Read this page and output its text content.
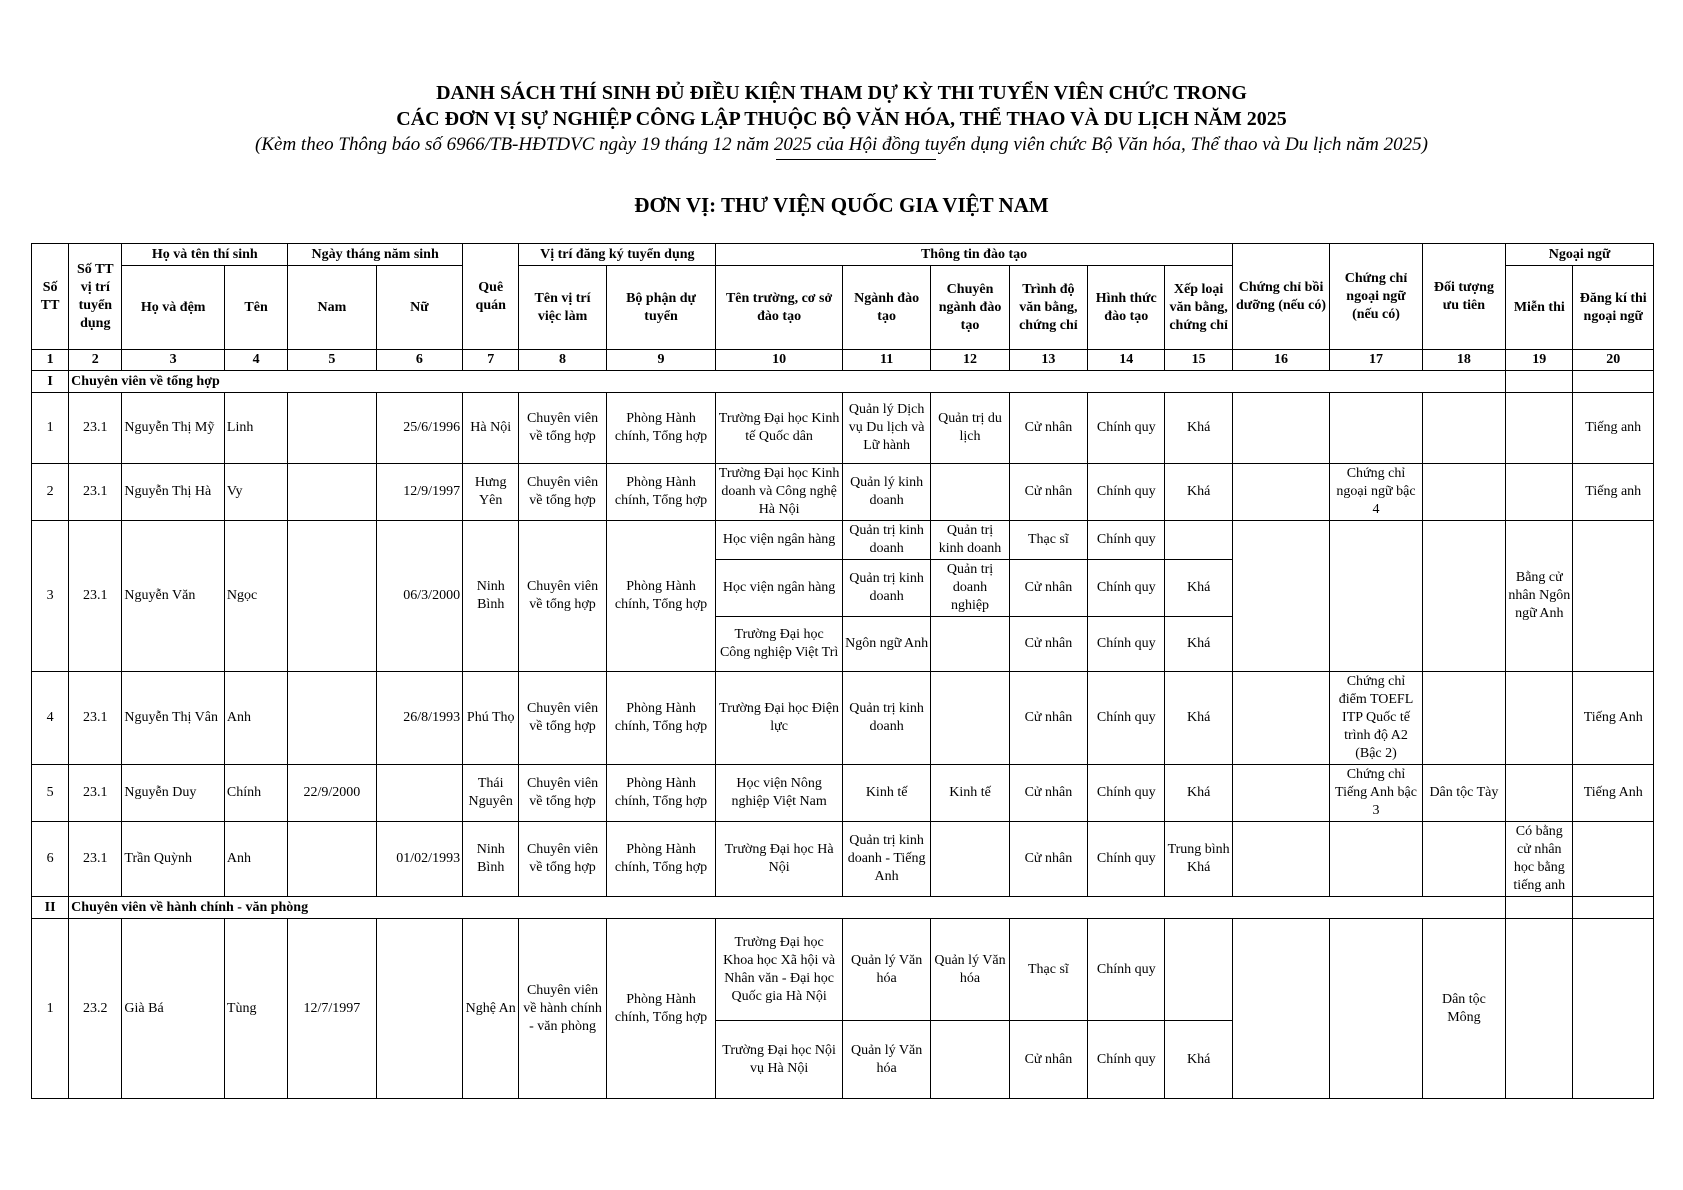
DANH SÁCH THÍ SINH ĐỦ ĐIỀU KIỆN THAM DỰ KỲ THI TUYỂN VIÊN CHỨC TRONG
CÁC ĐƠN VỊ SỰ NGHIỆP CÔNG LẬP THUỘC BỘ VĂN HÓA, THỂ THAO VÀ DU LỊCH NĂM 2025
(Kèm theo Thông báo số 6966/TB-HĐTDVC ngày 19 tháng 12 năm 2025 của Hội đồng tuyển dụng viên chức Bộ Văn hóa, Thể thao và Du lịch năm 2025)
ĐƠN VỊ: THƯ VIỆN QUỐC GIA VIỆT NAM
Số TT	Số TT vị trí tuyển dụng	Họ và tên thí sinh		Ngày tháng năm sinh		Quê quán	Vị trí đăng ký tuyển dụng		Thông tin đào tạo						Chứng chỉ bồi dưỡng (nếu có)	Chứng chỉ ngoại ngữ (nếu có)	Đối tượng ưu tiên	Ngoại ngữ	
		Họ và đệm	Tên	Nam	Nữ		Tên vị trí việc làm	Bộ phận dự tuyển	Tên trường, cơ sở đào tạo	Ngành đào tạo	Chuyên ngành đào tạo	Trình độ văn bằng, chứng chỉ	Hình thức đào tạo	Xếp loại văn bằng, chứng chỉ				Miễn thi	Đăng kí thi ngoại ngữ
1	2	3	4	5	6	7	8	9	10	11	12	13	14	15	16	17	18	19	20
I	Chuyên viên về tổng hợp																		
1	23.1	Nguyễn Thị Mỹ	Linh		25/6/1996	Hà Nội	Chuyên viên về tổng hợp	Phòng Hành chính, Tổng hợp	Trường Đại học Kinh tế Quốc dân	Quản lý Dịch vụ Du lịch và Lữ hành	Quản trị du lịch	Cử nhân	Chính quy	Khá					Tiếng anh
2	23.1	Nguyễn Thị Hà	Vy		12/9/1997	Hưng Yên	Chuyên viên về tổng hợp	Phòng Hành chính, Tổng hợp	Trường Đại học Kinh doanh và Công nghệ Hà Nội	Quản lý kinh doanh		Cử nhân	Chính quy	Khá		Chứng chỉ ngoại ngữ bậc 4			Tiếng anh
3	23.1	Nguyễn Văn	Ngọc		06/3/2000	Ninh Bình	Chuyên viên về tổng hợp	Phòng Hành chính, Tổng hợp	Học viện ngân hàng	Quản trị kinh doanh	Quản trị kinh doanh	Thạc sĩ	Chính quy					Bằng cử nhân Ngôn ngữ Anh	
									Học viện ngân hàng	Quản trị kinh doanh	Quản trị doanh nghiệp	Cử nhân	Chính quy	Khá					
									Trường Đại học Công nghiệp Việt Trì	Ngôn ngữ Anh		Cử nhân	Chính quy	Khá					
4	23.1	Nguyễn Thị Vân	Anh		26/8/1993	Phú Thọ	Chuyên viên về tổng hợp	Phòng Hành chính, Tổng hợp	Trường Đại học Điện lực	Quản trị kinh doanh		Cử nhân	Chính quy	Khá		Chứng chỉ điểm TOEFL ITP Quốc tế trình độ A2 (Bậc 2)			Tiếng Anh
5	23.1	Nguyễn Duy	Chính	22/9/2000		Thái Nguyên	Chuyên viên về tổng hợp	Phòng Hành chính, Tổng hợp	Học viện Nông nghiệp Việt Nam	Kinh tế	Kinh tế	Cử nhân	Chính quy	Khá		Chứng chỉ Tiếng Anh bậc 3	Dân tộc Tày		Tiếng Anh
6	23.1	Trần Quỳnh	Anh		01/02/1993	Ninh Bình	Chuyên viên về tổng hợp	Phòng Hành chính, Tổng hợp	Trường Đại học Hà Nội	Quản trị kinh doanh - Tiếng Anh		Cử nhân	Chính quy	Trung bình Khá				Có bằng cử nhân học bằng tiếng anh	
II	Chuyên viên về hành chính - văn phòng																		
1	23.2	Già Bá	Tùng	12/7/1997		Nghệ An	Chuyên viên về hành chính - văn phòng	Phòng Hành chính, Tổng hợp	Trường Đại học Khoa học Xã hội và Nhân văn - Đại học Quốc gia Hà Nội	Quản lý Văn hóa	Quản lý Văn hóa	Thạc sĩ	Chính quy				Dân tộc Mông		
									Trường Đại học Nội vụ Hà Nội	Quản lý Văn hóa		Cử nhân	Chính quy	Khá					
